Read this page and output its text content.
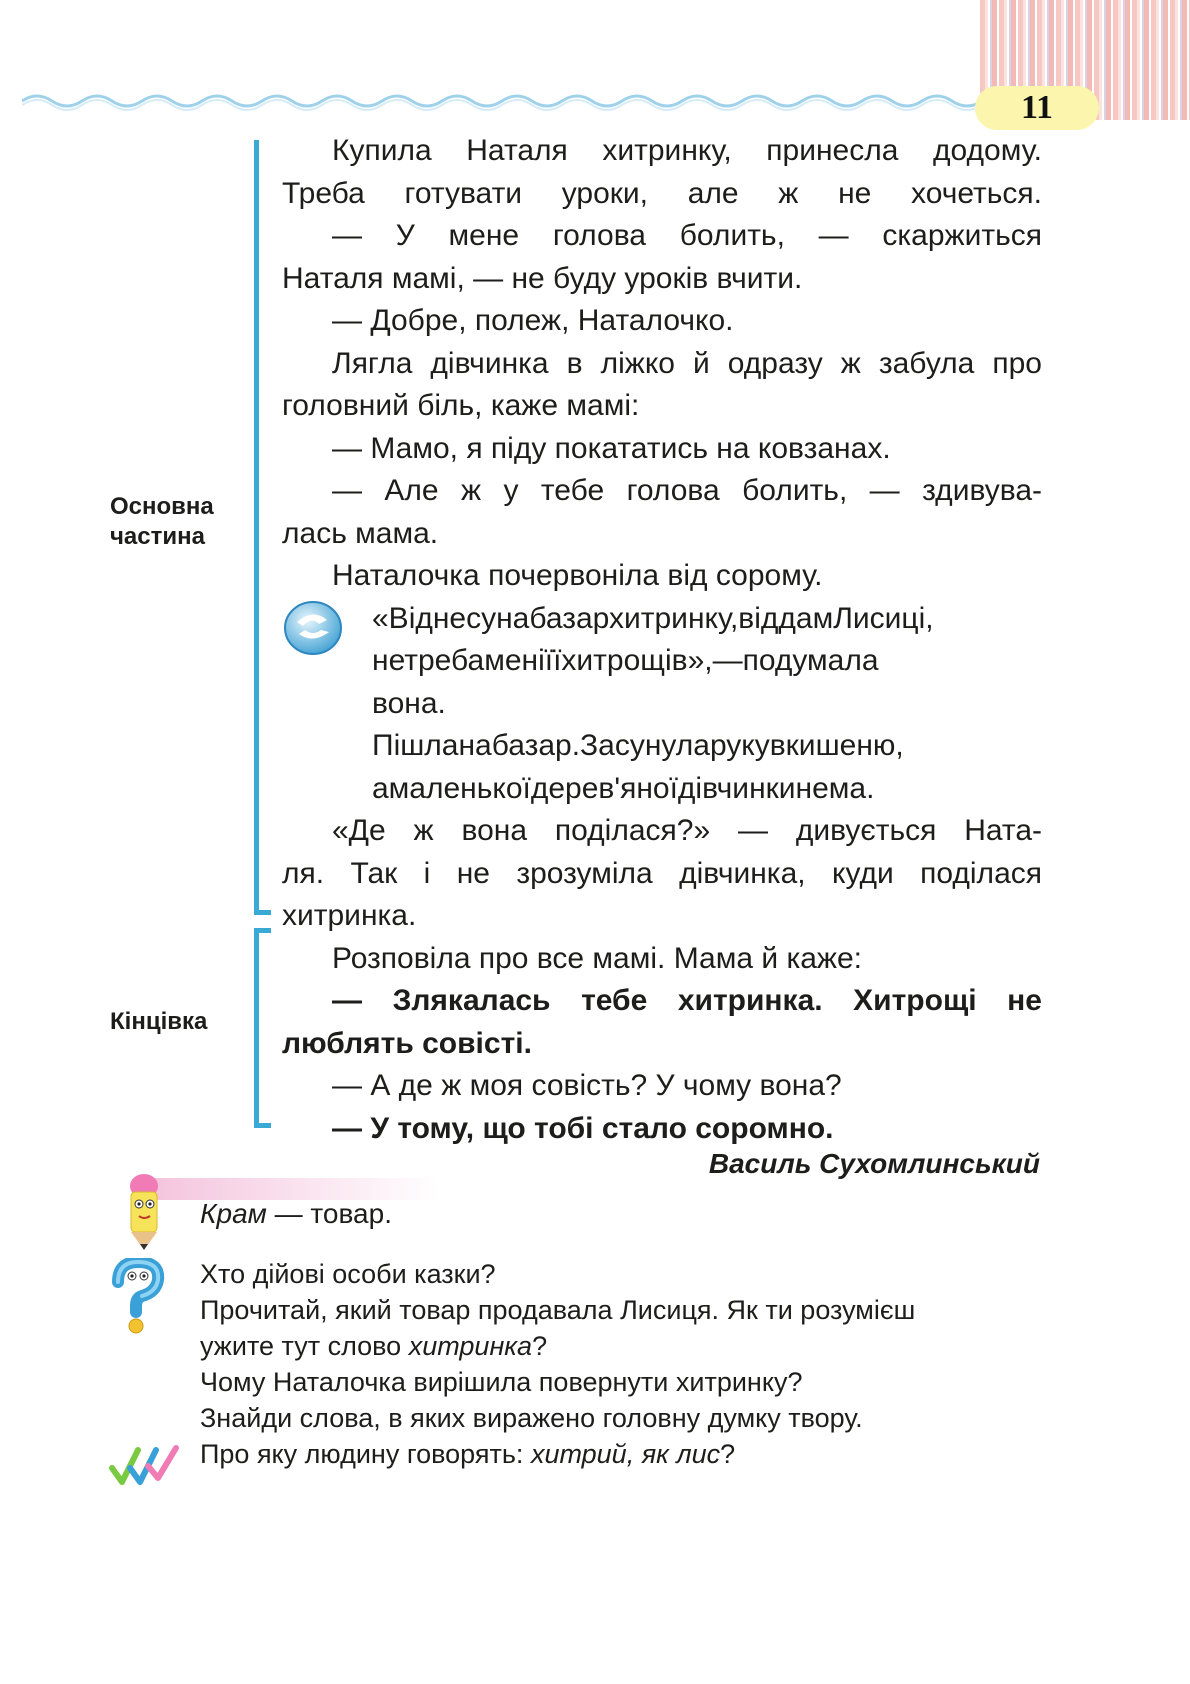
11
Основна
частина
Кінцівка
Купила Наталя хитринку, принесла додому.
Треба готувати уроки, але ж не хочеться.
— У мене голова болить, — скаржиться
Наталя мамі, — не буду уроків вчити.
— Добре, полеж, Наталочко.
Лягла дівчинка в ліжко й одразу ж забула про
головний біль, каже мамі:
— Мамо, я піду покататись на ковзанах.
— Але ж у тебе голова болить, — здивува-
лась мама.
Наталочка почервоніла від сорому.
«Віднесунабазархитринку,віддамЛисиці,
нетребаменіїїхитрощів»,—подумала
вона.
Пішланабазар.Засунуларукувкишеню,
амаленькоїдерев'яноїдівчинкинема.
«Де ж вона поділася?» — дивується Ната-
ля. Так і не зрозуміла дівчинка, куди поділася
хитринка.
Розповіла про все мамі. Мама й каже:
— Злякалась тебе хитринка. Хитрощі не
люблять совісті.
— А де ж моя совість? У чому вона?
— У тому, що тобі стало соромно.
Василь Сухомлинський
Крам — товар.
Хто дійові особи казки?
Прочитай, який товар продавала Лисиця. Як ти розумієш
ужите тут слово хитринка?
Чому Наталочка вирішила повернути хитринку?
Знайди слова, в яких виражено головну думку твору.
Про яку людину говорять: хитрий, як лис?
